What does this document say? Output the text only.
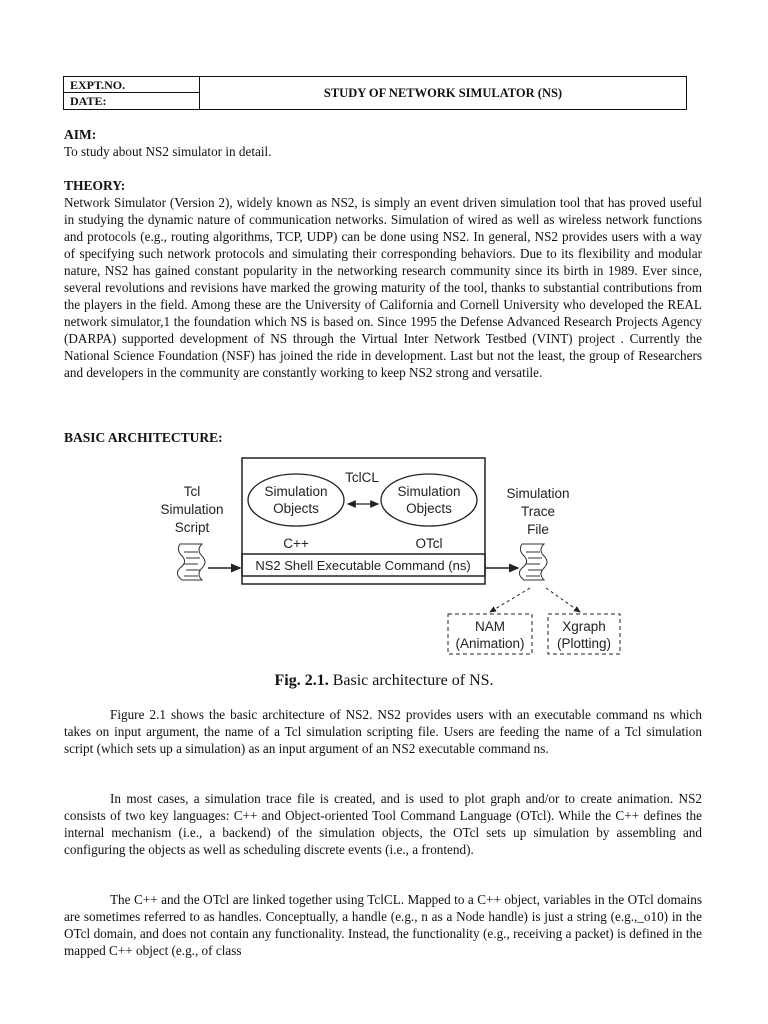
EXPT.NO.
DATE:
STUDY OF NETWORK SIMULATOR (NS)
AIM:
To study about NS2 simulator in detail.
THEORY:
Network Simulator (Version 2), widely known as NS2, is simply an event driven simulation tool that has proved useful in studying the dynamic nature of communication networks. Simulation of wired as well as wireless network functions and protocols (e.g., routing algorithms, TCP, UDP) can be done using NS2. In general, NS2 provides users with a way of specifying such network protocols and simulating their corresponding behaviors. Due to its flexibility and modular nature, NS2 has gained constant popularity in the networking research community since its birth in 1989. Ever since, several revolutions and revisions have marked the growing maturity of the tool, thanks to substantial contributions from the players in the field. Among these are the University of California and Cornell University who developed the REAL network simulator,1 the foundation which NS is based on. Since 1995 the Defense Advanced Research Projects Agency (DARPA) supported development of NS through the Virtual Inter Network Testbed (VINT) project . Currently the National Science Foundation (NSF) has joined the ride in development. Last but not the least, the group of Researchers and developers in the community are constantly working to keep NS2 strong and versatile.
BASIC ARCHITECTURE:
Tcl
Simulation
Script
Simulation
Objects
Simulation
Objects
TclCL
C++	OTcl
NS2 Shell Executable Command (ns)
Simulation
Trace
File
NAM
(Animation)
Xgraph
(Plotting)
Fig. 2.1. Basic architecture of NS.
Figure 2.1 shows the basic architecture of NS2. NS2 provides users with an executable command ns which takes on input argument, the name of a Tcl simulation scripting file. Users are feeding the name of a Tcl simulation script (which sets up a simulation) as an input argument of an NS2 executable command ns.
In most cases, a simulation trace file is created, and is used to plot graph and/or to create animation. NS2 consists of two key languages: C++ and Object-oriented Tool Command Language (OTcl). While the C++ defines the internal mechanism (i.e., a backend) of the simulation objects, the OTcl sets up simulation by assembling and configuring the objects as well as scheduling discrete events (i.e., a frontend).
The C++ and the OTcl are linked together using TclCL. Mapped to a C++ object, variables in the OTcl domains are sometimes referred to as handles. Conceptually, a handle (e.g., n as a Node handle) is just a string (e.g.,_o10) in the OTcl domain, and does not contain any functionality. Instead, the functionality (e.g., receiving a packet) is defined in the mapped C++ object (e.g., of class
